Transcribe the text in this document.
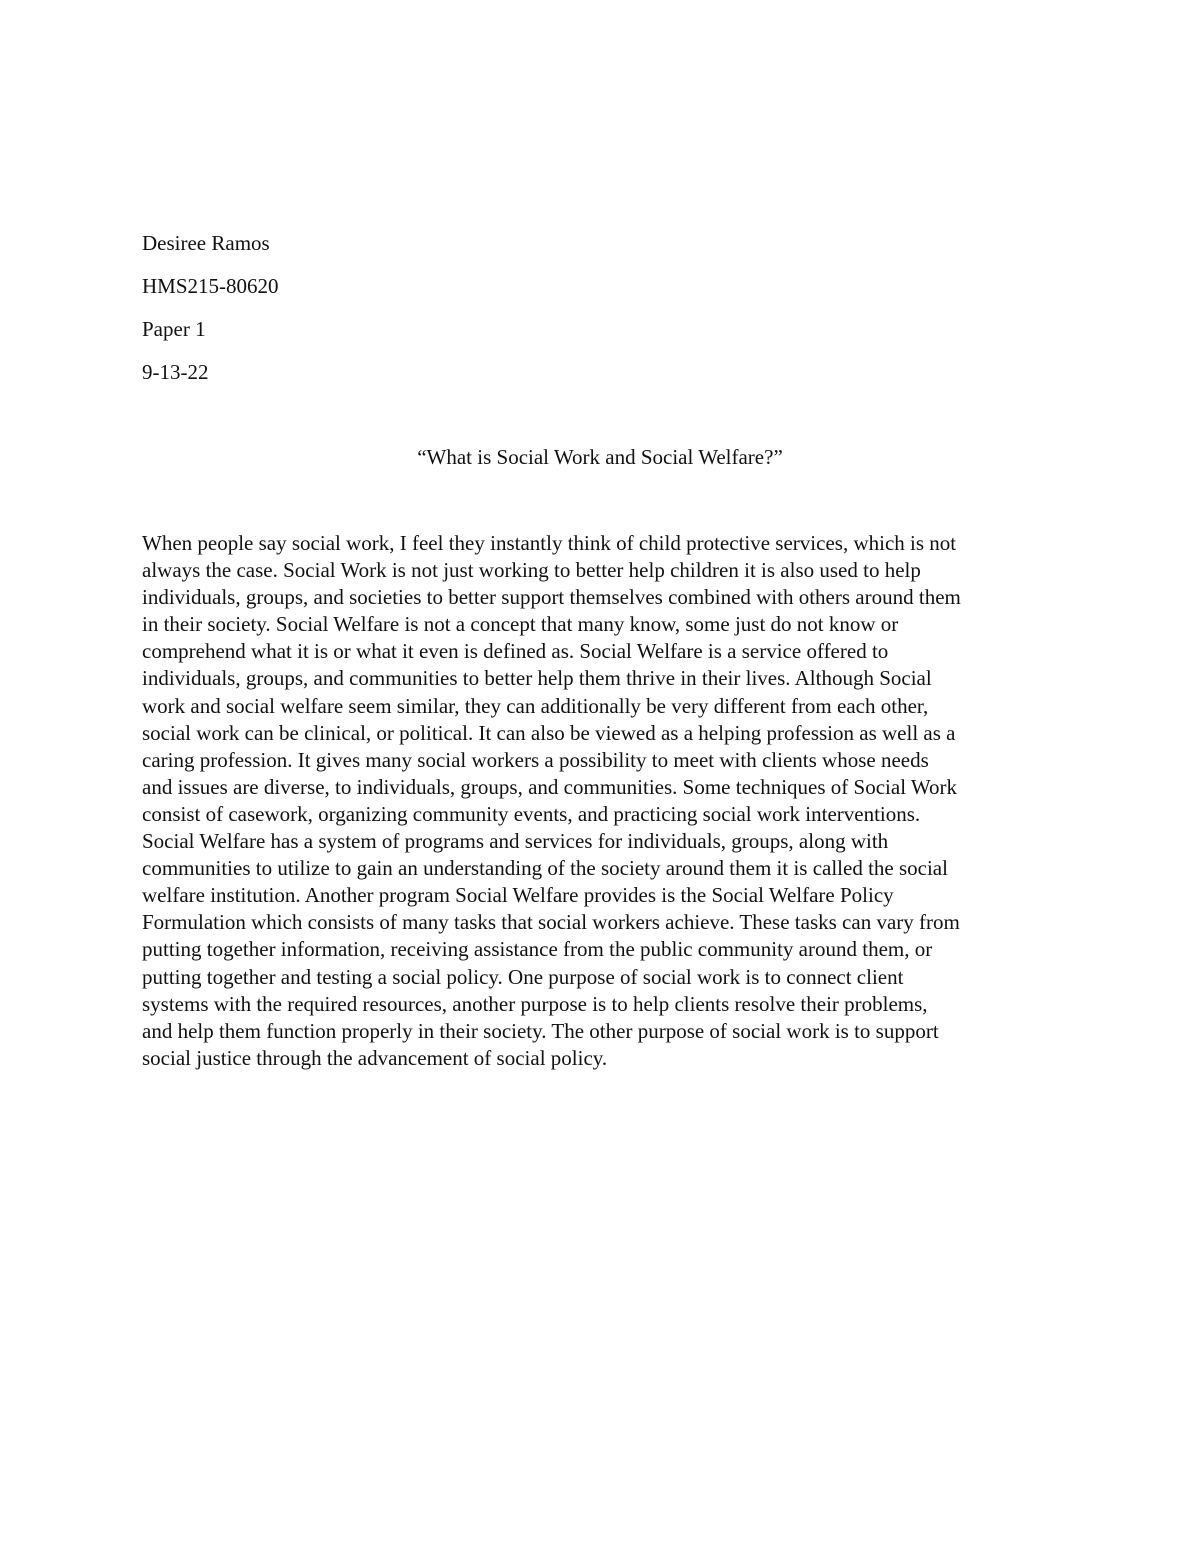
Desiree Ramos
HMS215-80620
Paper 1
9-13-22
“What is Social Work and Social Welfare?”
When people say social work, I feel they instantly think of child protective services, which is not
always the case. Social Work is not just working to better help children it is also used to help
individuals, groups, and societies to better support themselves combined with others around them
in their society. Social Welfare is not a concept that many know, some just do not know or
comprehend what it is or what it even is defined as. Social Welfare is a service offered to
individuals, groups, and communities to better help them thrive in their lives. Although Social
work and social welfare seem similar, they can additionally be very different from each other,
social work can be clinical, or political. It can also be viewed as a helping profession as well as a
caring profession. It gives many social workers a possibility to meet with clients whose needs
and issues are diverse, to individuals, groups, and communities. Some techniques of Social Work
consist of casework, organizing community events, and practicing social work interventions.
Social Welfare has a system of programs and services for individuals, groups, along with
communities to utilize to gain an understanding of the society around them it is called the social
welfare institution. Another program Social Welfare provides is the Social Welfare Policy
Formulation which consists of many tasks that social workers achieve. These tasks can vary from
putting together information, receiving assistance from the public community around them, or
putting together and testing a social policy. One purpose of social work is to connect client
systems with the required resources, another purpose is to help clients resolve their problems,
and help them function properly in their society. The other purpose of social work is to support
social justice through the advancement of social policy.
